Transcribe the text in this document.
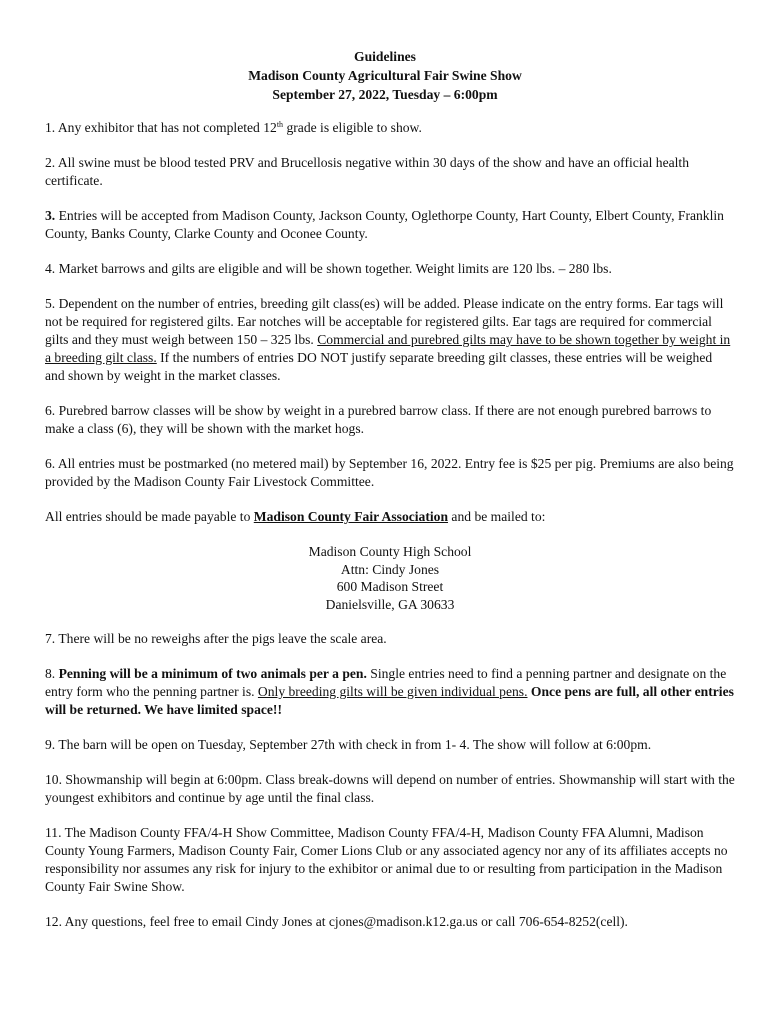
Guidelines
Madison County Agricultural Fair Swine Show
September 27, 2022, Tuesday – 6:00pm

1. Any exhibitor that has not completed 12th grade is eligible to show.

2. All swine must be blood tested PRV and Brucellosis negative within 30 days of the show and have an official health certificate.

3. Entries will be accepted from Madison County, Jackson County, Oglethorpe County, Hart County, Elbert County, Franklin County, Banks County, Clarke County and Oconee County.

4. Market barrows and gilts are eligible and will be shown together. Weight limits are 120 lbs. – 280 lbs.

5. Dependent on the number of entries, breeding gilt class(es) will be added. Please indicate on the entry forms. Ear tags will not be required for registered gilts. Ear notches will be acceptable for registered gilts. Ear tags are required for commercial gilts and they must weigh between 150 – 325 lbs. Commercial and purebred gilts may have to be shown together by weight in a breeding gilt class. If the numbers of entries DO NOT justify separate breeding gilt classes, these entries will be weighed and shown by weight in the market classes.

6. Purebred barrow classes will be show by weight in a purebred barrow class. If there are not enough purebred barrows to make a class (6), they will be shown with the market hogs.

6. All entries must be postmarked (no metered mail) by September 16, 2022. Entry fee is $25 per pig. Premiums are also being provided by the Madison County Fair Livestock Committee.

All entries should be made payable to Madison County Fair Association and be mailed to:

Madison County High School
Attn: Cindy Jones
600 Madison Street
Danielsville, GA 30633

7. There will be no reweighs after the pigs leave the scale area.

8. Penning will be a minimum of two animals per a pen. Single entries need to find a penning partner and designate on the entry form who the penning partner is. Only breeding gilts will be given individual pens. Once pens are full, all other entries will be returned. We have limited space!!

9. The barn will be open on Tuesday, September 27th with check in from 1- 4. The show will follow at 6:00pm.

10. Showmanship will begin at 6:00pm. Class break-downs will depend on number of entries. Showmanship will start with the youngest exhibitors and continue by age until the final class.

11. The Madison County FFA/4-H Show Committee, Madison County FFA/4-H, Madison County FFA Alumni, Madison County Young Farmers, Madison County Fair, Comer Lions Club or any associated agency nor any of its affiliates accepts no responsibility nor assumes any risk for injury to the exhibitor or animal due to or resulting from participation in the Madison County Fair Swine Show.

12. Any questions, feel free to email Cindy Jones at cjones@madison.k12.ga.us or call 706-654-8252(cell).
